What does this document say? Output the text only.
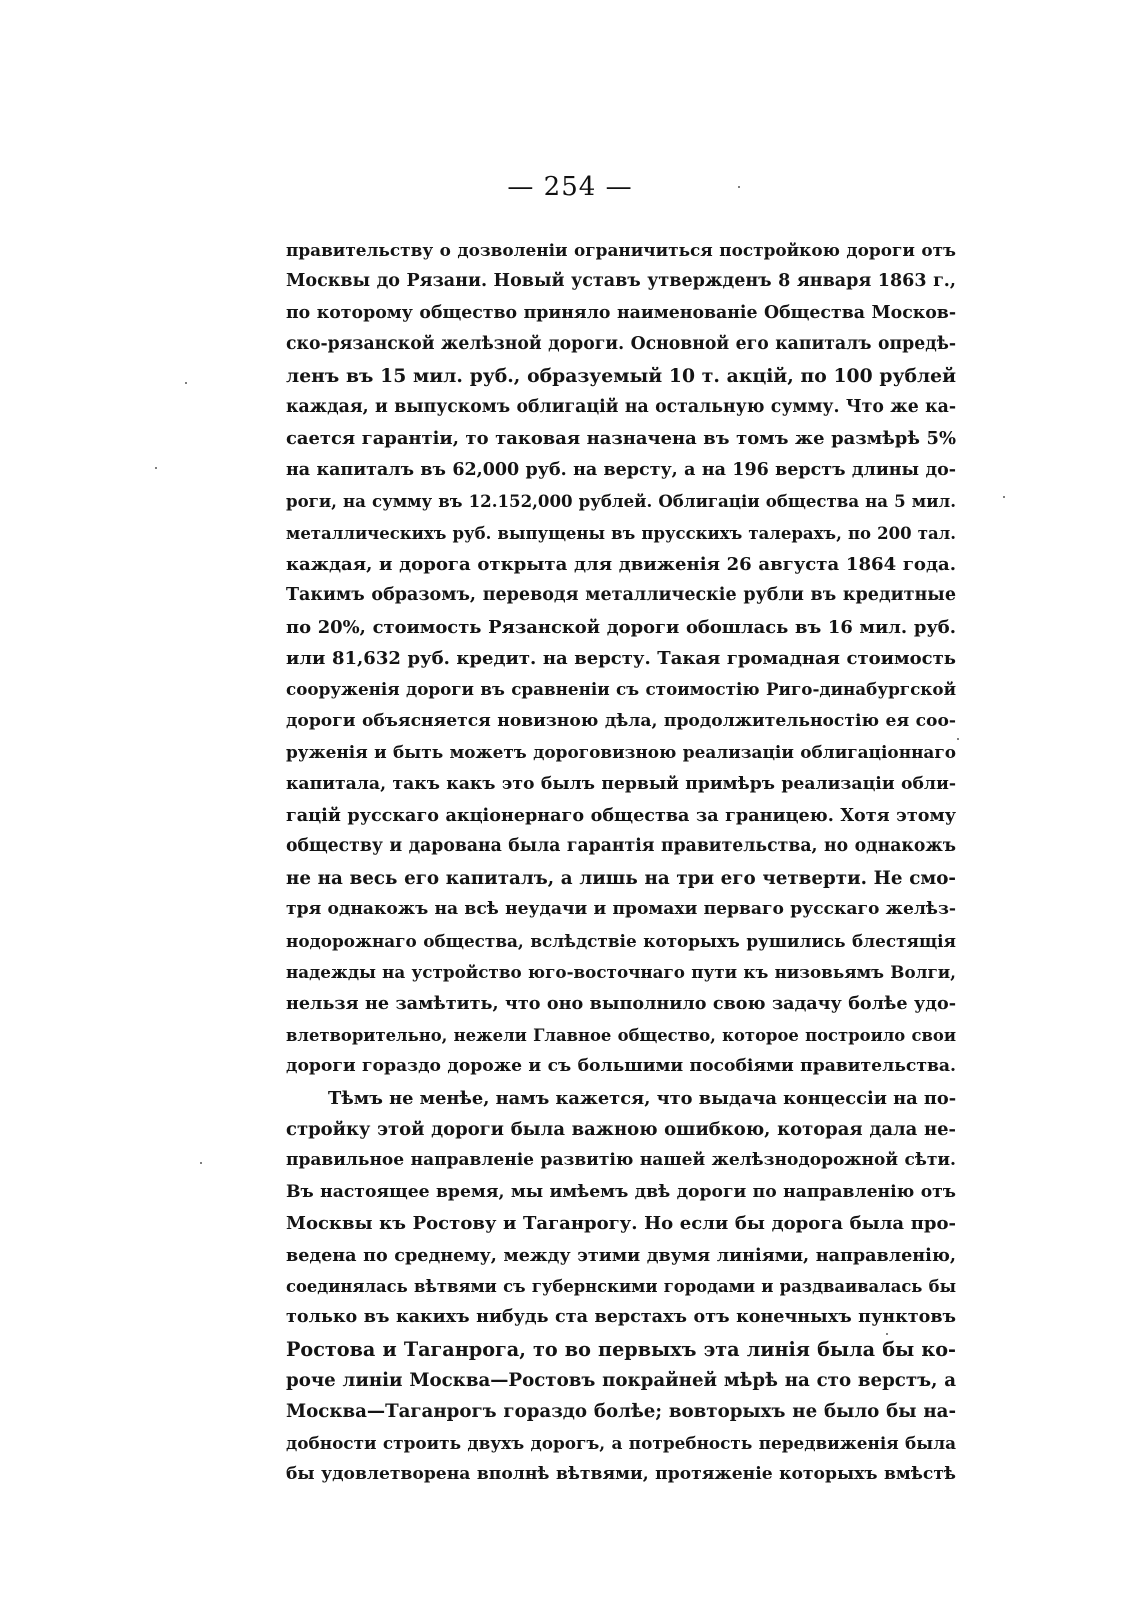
— 254 —
правительству о дозволеніи ограничиться постройкою дороги отъ
Москвы до Рязани. Новый уставъ утвержденъ 8 января 1863 г.,
по которому общество приняло наименованіе Общества Москов-
ско-рязанской желѣзной дороги. Основной его капиталъ опредѣ-
ленъ въ 15 мил. руб., образуемый 10 т. акцій, по 100 рублей
каждая, и выпускомъ облигацій на остальную сумму. Что же ка-
сается гарантіи, то таковая назначена въ томъ же размѣрѣ 5%
на капиталъ въ 62,000 руб. на версту, а на 196 верстъ длины до-
роги, на сумму въ 12.152,000 рублей. Облигаціи общества на 5 мил.
металлическихъ руб. выпущены въ прусскихъ талерахъ, по 200 тал.
каждая, и дорога открыта для движенія 26 августа 1864 года.
Такимъ образомъ, переводя металлическіе рубли въ кредитные
по 20%, стоимость Рязанской дороги обошлась въ 16 мил. руб.
или 81,632 руб. кредит. на версту. Такая громадная стоимость
сооруженія дороги въ сравненіи съ стоимостію Риго-динабургской
дороги объясняется новизною дѣла, продолжительностію ея соо-
руженія и быть можетъ дороговизною реализаціи облигаціоннаго
капитала, такъ какъ это былъ первый примѣръ реализаціи обли-
гацій русскаго акціонернаго общества за границею. Хотя этому
обществу и дарована была гарантія правительства, но однакожъ
не на весь его капиталъ, а лишь на три его четверти. Не смо-
тря однакожъ на всѣ неудачи и промахи перваго русскаго желѣз-
нодорожнаго общества, вслѣдствіе которыхъ рушились блестящія
надежды на устройство юго-восточнаго пути къ низовьямъ Волги,
нельзя не замѣтить, что оно выполнило свою задачу болѣе удо-
влетворительно, нежели Главное общество, которое построило свои
дороги гораздо дороже и съ большими пособіями правительства.
Тѣмъ не менѣе, намъ кажется, что выдача концессіи на по-
стройку этой дороги была важною ошибкою, которая дала не-
правильное направленіе развитію нашей желѣзнодорожной сѣти.
Въ настоящее время, мы имѣемъ двѣ дороги по направленію отъ
Москвы къ Ростову и Таганрогу. Но если бы дорога была про-
ведена по среднему, между этими двумя линіями, направленію,
соединялась вѣтвями съ губернскими городами и раздваивалась бы
только въ какихъ нибудь ста верстахъ отъ конечныхъ пунктовъ
Ростова и Таганрога, то во первыхъ эта линія была бы ко-
роче линіи Москва—Ростовъ покрайней мѣрѣ на сто верстъ, а
Москва—Таганрогъ гораздо болѣе; вовторыхъ не было бы на-
добности строить двухъ дорогъ, а потребность передвиженія была
бы удовлетворена вполнѣ вѣтвями, протяженіе которыхъ вмѣстѣ
